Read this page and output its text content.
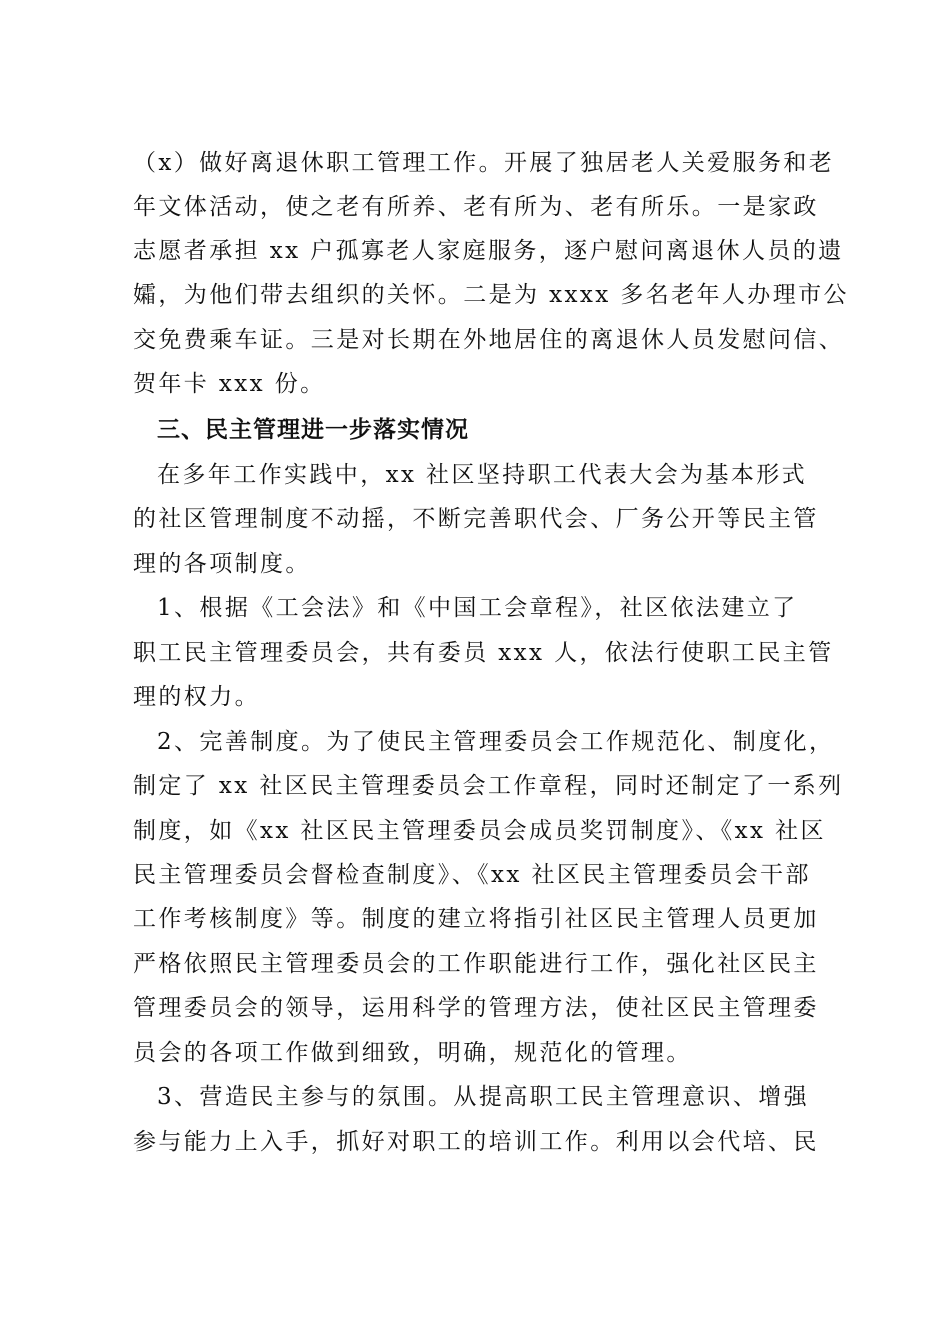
（x）做好离退休职工管理工作。开展了独居老人关爱服务和老
年文体活动，使之老有所养、老有所为、老有所乐。一是家政
志愿者承担 xx 户孤寡老人家庭服务，逐户慰问离退休人员的遗
孀，为他们带去组织的关怀。二是为 xxxx 多名老年人办理市公
交免费乘车证。三是对长期在外地居住的离退休人员发慰问信、
贺年卡 xxx 份。
三、民主管理进一步落实情况
在多年工作实践中，xx 社区坚持职工代表大会为基本形式
的社区管理制度不动摇，不断完善职代会、厂务公开等民主管
理的各项制度。
1、根据《工会法》和《中国工会章程》，社区依法建立了
职工民主管理委员会，共有委员 xxx 人，依法行使职工民主管
理的权力。
2、完善制度。为了使民主管理委员会工作规范化、制度化，
制定了 xx 社区民主管理委员会工作章程，同时还制定了一系列
制度，如《xx 社区民主管理委员会成员奖罚制度》、《xx 社区
民主管理委员会督检查制度》、《xx 社区民主管理委员会干部
工作考核制度》等。制度的建立将指引社区民主管理人员更加
严格依照民主管理委员会的工作职能进行工作，强化社区民主
管理委员会的领导，运用科学的管理方法，使社区民主管理委
员会的各项工作做到细致，明确，规范化的管理。
3、营造民主参与的氛围。从提高职工民主管理意识、增强
参与能力上入手，抓好对职工的培训工作。利用以会代培、民
